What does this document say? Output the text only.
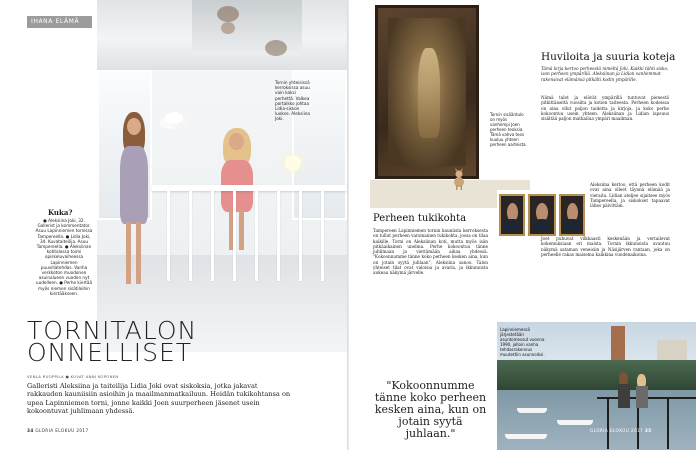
IHANA ELÄMÄ
Tornin yhteisissä kerroksissa asuu vain kaksi perhettä. Valkea portaikko johtaa Lidia-siskon luokse. Aleksiina Joki.
Kuka?
● Aleksiina Joki, 32. Gallerist ja kommentator. Asuu Lapinniemen tornissa Tampereella. ● Lidia Joki, 34. Kuvataiteilija. Asuu Tampereella. ● Aleksiinan kotitalossa toimi opiskeluvaiheessa Lapinniemen puuvillatehdas. Vanha verkkoton muodonen asuinalueen vuoden nyt uudelleen. ● Perhe kiertää myös niemen sisätiloihin kiertääkseen.
TORNITALON
ONNELLISET
VENLA RUOPPILA ● KUVAT ANNI KOPONEN
Galleristi Aleksiina ja taiteilija Lidia Joki ovat siskoksia, jotka jakavat rakkauden kauniisiin asioihin ja maailmanmatkailuun. Heidän tukikohtansa on upea Lapinniemen torni, jonne kaikki Joen suurperheen jäsenet usein kokoontuvat juhlimaan yhdessä.
34 GLORIA ELOKUU 2017
Tornin sisääntulo on myös vanhempi Joen perheen teoksia. Tämä vahva teos kuuluu yhteen perheen aarteista.
Huviloita ja suuria koteja
Tämä kirja kertoo perheestä nimeltä Joki. Kaikki tähti sisko, ison perheen ympärillä. Aleksiinan ja Lidian vanhemmat rakensivat elämänsä pitkälti kodin ympärille.
Nämä talot ja elävät ympärillä tuntuvat pienestä pitkittäiseltä vuosilta ja kotien taiteesta. Perheen kodeissa on aina ollut paljon taidetta ja kirjoja, ja koko perhe kokoontuu usein yhteen. Aleksiinan ja Lidian lapsuus sisältää paljon matkailua ympäri maailman.
Aleksiina kertoo, että perheen kodit ovat aina olleet täynnä elämää ja vieraita. Lidian ateljee sijaitsee myös Tampereella, ja siskokset tapaavat lähes päivittäin.
Perheen tukikohta
Tampereen Lapinniemen tornin kauniista kerroksesta on tullut perheen varsinainen tukikohta, jossa on tilaa kaikille. Torni on Aleksiinan koti, mutta myös isän pitkäaikainen unelma. Perhe kokoontuu tänne juhlimaan ja viettämään aikaa yhdessä. "Kokoonnumme tänne koko perheen kesken aina, kun on jotain syytä juhlaan", Aleksiina sanoo. Talon yhteiset tilat ovat valoisia ja avaria, ja ikkunoista aukeaa näkymä järvelle.
Joet puhuvat vilkkaasti keskenään ja vertailevat kokemuksiaan eri maista. Tornin ikkunoista avautuu näkymä sataman veneisiin ja Näsijärven rantaan, joka on perheelle rakas maisema kaikkina vuodenaikoina.
"Kokoonnumme tänne koko perheen kesken aina, kun on jotain syytä juhlaan."
Lapinniemessä järjestetään asuntomessut vuonna 1990, jolloin vanha tehdasrakennus muutettiin asunnoiksi.
GLORIA ELOKUU 2017 35
